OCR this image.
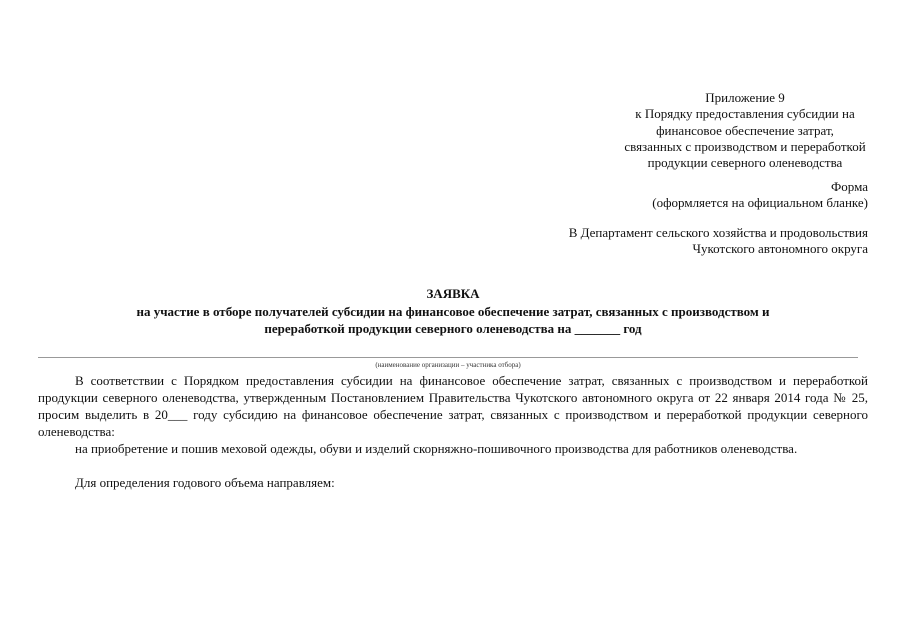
Приложение 9
к Порядку предоставления субсидии на
финансовое обеспечение затрат,
связанных с производством и переработкой
продукции северного оленеводства
Форма
(оформляется на официальном бланке)
В Департамент сельского хозяйства и продовольствия
Чукотского автономного округа
ЗАЯВКА
на участие в отборе получателей субсидии на финансовое обеспечение затрат, связанных с производством и
переработкой продукции северного оленеводства на _______ год
(наименование организации – участника отбора)

В соответствии с Порядком предоставления субсидии на финансовое обеспечение затрат, связанных с производством и переработкой продукции северного оленеводства, утвержденным Постановлением Правительства Чукотского автономного округа от 22 января 2014 года № 25, просим выделить в 20___ году субсидию на финансовое обеспечение затрат, связанных с производством и переработкой продукции северного оленеводства:

на приобретение и пошив меховой одежды, обуви и изделий скорняжно-пошивочного производства для работников оленеводства.

Для определения годового объема направляем:
